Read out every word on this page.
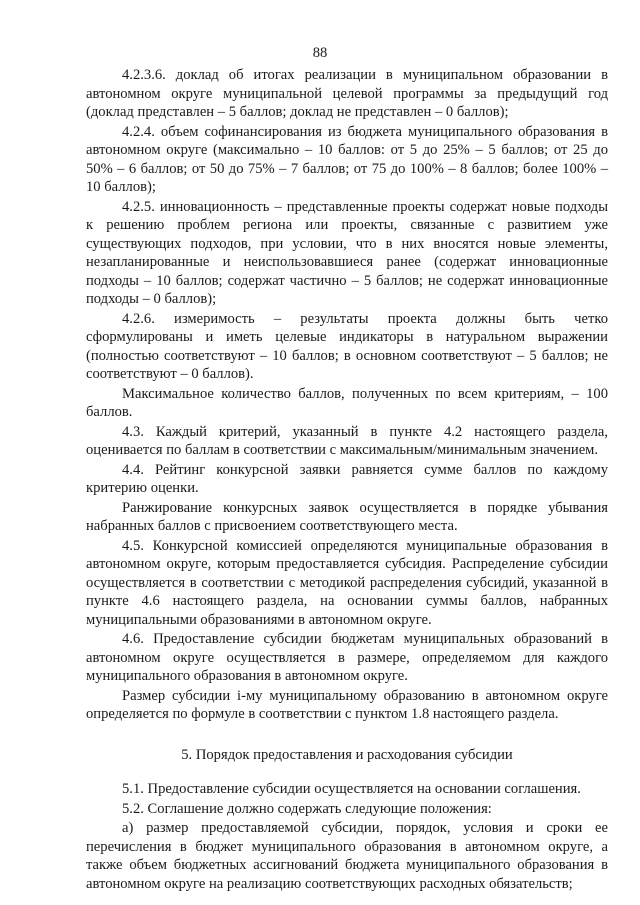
88

4.2.3.6. доклад об итогах реализации в муниципальном образовании в автономном округе муниципальной целевой программы за предыдущий год (доклад представлен – 5 баллов; доклад не представлен – 0 баллов);

4.2.4. объем софинансирования из бюджета муниципального образования в автономном округе (максимально – 10 баллов: от 5 до 25% – 5 баллов; от 25 до 50% – 6 баллов; от 50 до 75% – 7 баллов; от 75 до 100% – 8 баллов; более 100% – 10 баллов);

4.2.5. инновационность – представленные проекты содержат новые подходы к решению проблем региона или проекты, связанные с развитием уже существующих подходов, при условии, что в них вносятся новые элементы, незапланированные и неиспользовавшиеся ранее (содержат инновационные подходы – 10 баллов; содержат частично – 5 баллов; не содержат инновационные подходы – 0 баллов);

4.2.6. измеримость – результаты проекта должны быть четко сформулированы и иметь целевые индикаторы в натуральном выражении (полностью соответствуют – 10 баллов; в основном соответствуют – 5 баллов; не соответствуют – 0 баллов).

Максимальное количество баллов, полученных по всем критериям, – 100 баллов.

4.3. Каждый критерий, указанный в пункте 4.2 настоящего раздела, оценивается по баллам в соответствии с максимальным/минимальным значением.

4.4. Рейтинг конкурсной заявки равняется сумме баллов по каждому критерию оценки.

Ранжирование конкурсных заявок осуществляется в порядке убывания набранных баллов с присвоением соответствующего места.

4.5. Конкурсной комиссией определяются муниципальные образования в автономном округе, которым предоставляется субсидия. Распределение субсидии осуществляется в соответствии с методикой распределения субсидий, указанной в пункте 4.6 настоящего раздела, на основании суммы баллов, набранных муниципальными образованиями в автономном округе.

4.6. Предоставление субсидии бюджетам муниципальных образований в автономном округе осуществляется в размере, определяемом для каждого муниципального образования в автономном округе.

Размер субсидии i-му муниципальному образованию в автономном округе определяется по формуле в соответствии с пунктом 1.8 настоящего раздела.

5. Порядок предоставления и расходования субсидии

5.1. Предоставление субсидии осуществляется на основании соглашения.

5.2. Соглашение должно содержать следующие положения:

а) размер предоставляемой субсидии, порядок, условия и сроки ее перечисления в бюджет муниципального образования в автономном округе, а также объем бюджетных ассигнований бюджета муниципального образования в автономном округе на реализацию соответствующих расходных обязательств;
